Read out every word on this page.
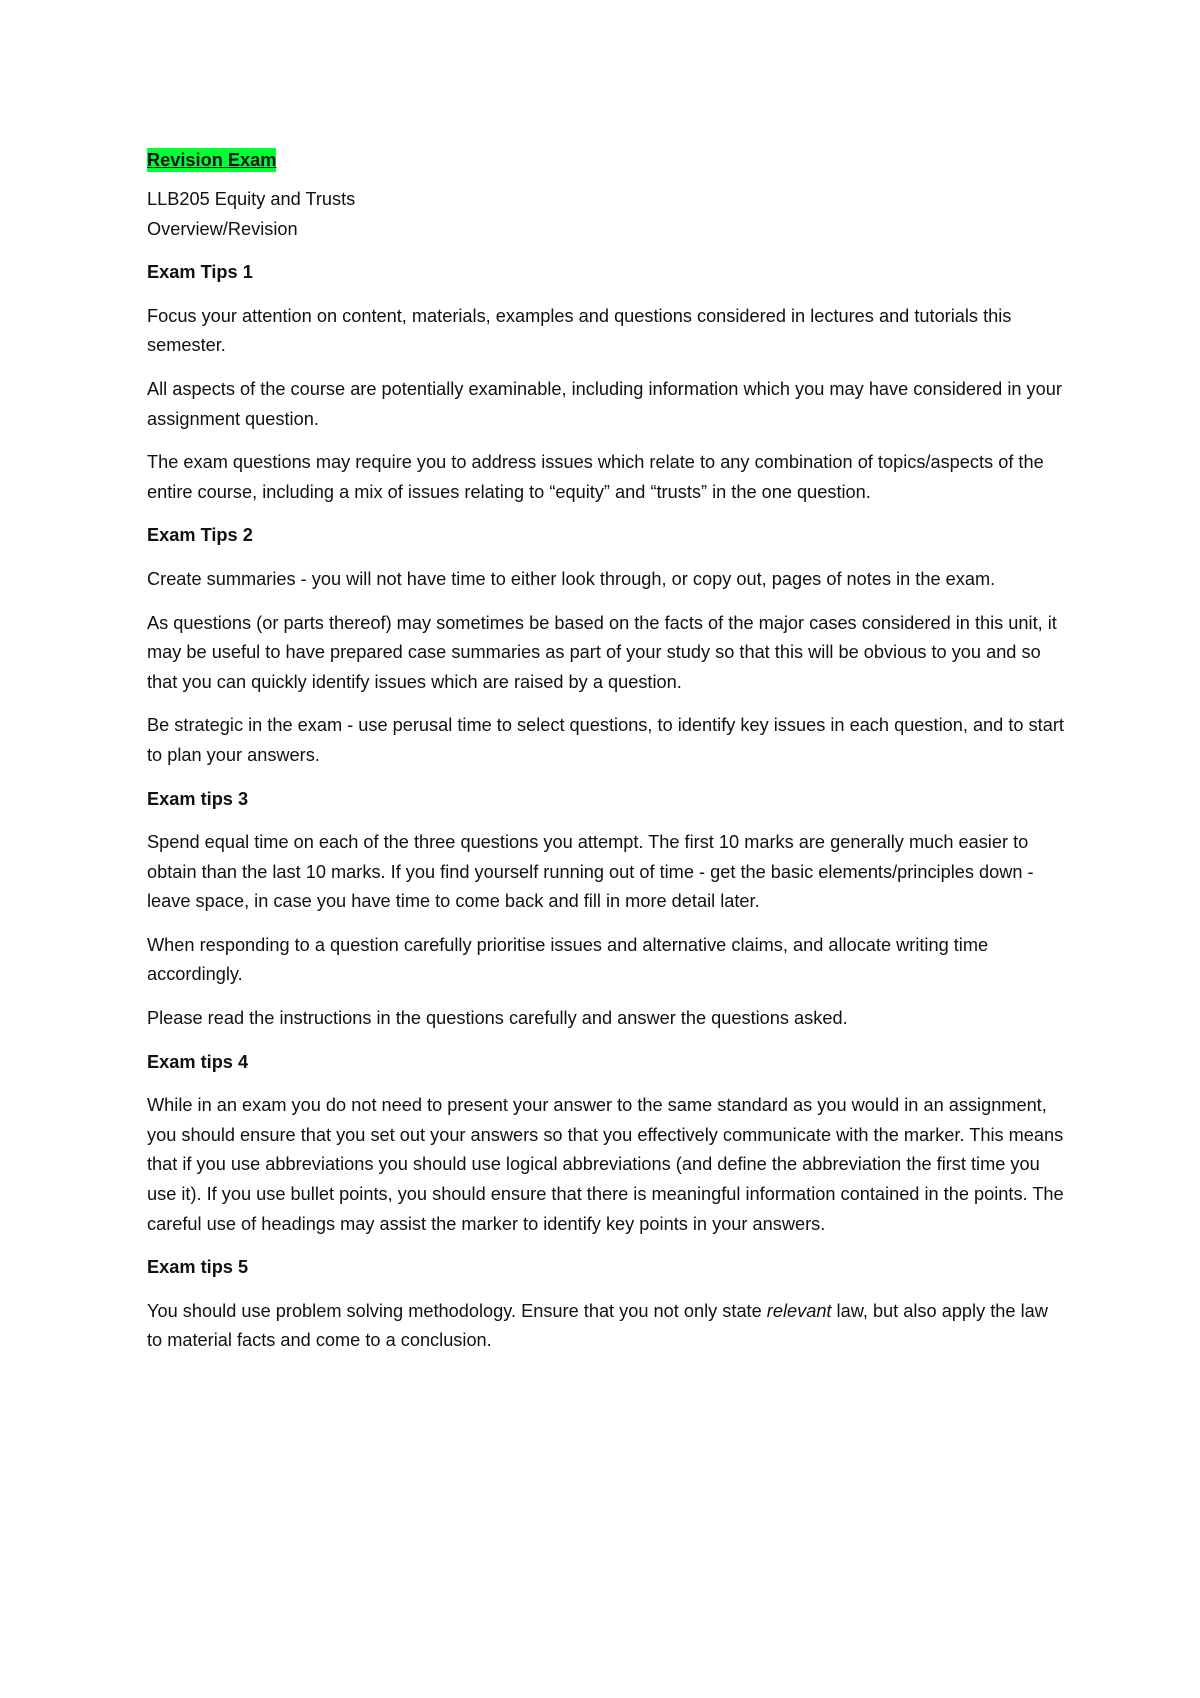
Revision Exam

LLB205 Equity and Trusts

Overview/Revision

Exam Tips 1

Focus your attention on content, materials, examples and questions considered in lectures and tutorials this semester.

All aspects of the course are potentially examinable, including information which you may have considered in your assignment question.

The exam questions may require you to address issues which relate to any combination of topics/aspects of the entire course, including a mix of issues relating to “equity” and “trusts” in the one question.

Exam Tips 2

Create summaries - you will not have time to either look through, or copy out, pages of notes in the exam.

As questions (or parts thereof) may sometimes be based on the facts of the major cases considered in this unit, it may be useful to have prepared case summaries as part of your study so that this will be obvious to you and so that you can quickly identify issues which are raised by a question.

Be strategic in the exam - use perusal time to select questions, to identify key issues in each question, and to start to plan your answers.

Exam tips 3

Spend equal time on each of the three questions you attempt. The first 10 marks are generally much easier to obtain than the last 10 marks. If you find yourself running out of time - get the basic elements/principles down - leave space, in case you have time to come back and fill in more detail later.

When responding to a question carefully prioritise issues and alternative claims, and allocate writing time accordingly.

Please read the instructions in the questions carefully and answer the questions asked.

Exam tips 4

While in an exam you do not need to present your answer to the same standard as you would in an assignment, you should ensure that you set out your answers so that you effectively communicate with the marker. This means that if you use abbreviations you should use logical abbreviations (and define the abbreviation the first time you use it). If you use bullet points, you should ensure that there is meaningful information contained in the points. The careful use of headings may assist the marker to identify key points in your answers.

Exam tips 5

You should use problem solving methodology. Ensure that you not only state relevant law, but also apply the law to material facts and come to a conclusion.
